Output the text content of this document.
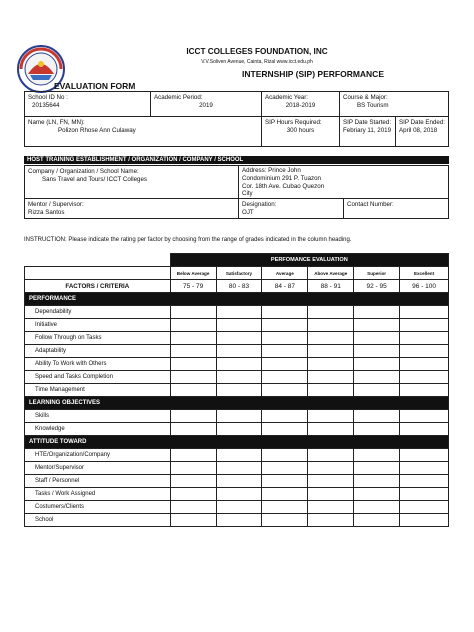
ICCT COLLEGES FOUNDATION, INC
V.V.Soliven Avenue, Cainta, Rizal www.icct.edu.ph
INTERNSHIP (SIP) PERFORMANCE
EVALUATION FORM
School ID No :
20135644
Academic Period:
2019
Academic Year:
2018-2019
Course & Major:
BS Tourism
Name (LN, FN, MN):
Polizon Rhose Ann Culaway
SIP Hours Required:
300 hours
SIP Date Started:
Febriary 11, 2019
SIP Date Ended:
April 08, 2018
HOST TRAINING ESTABLISHMENT / ORGANIZATION / COMPANY / SCHOOL
Company / Organization / School Name:
Sans Travel and Tours/ ICCT Colleges
Address: Prince John
Condominium 291 P. Tuazon
Cor. 18th Ave. Cubao Quezon
City
Mentor / Supervisor:
Rizza Santos
Designation:
OJT
Contact Number:
INSTRUCTION: Please indicate the rating per factor by choosing from the range of grades indicated in the column heading.
	PERFOMANCE EVALUATION					
	Below Average	Satisfactory	Average	Above Average	Superior	Excellent
FACTORS / CRITERIA	75 - 79	80 - 83	84 - 87	88 - 91	92 - 95	96 - 100
PERFORMANCE						
Dependability						
Initiative						
Follow Through on Tasks						
Adaptability						
Ability To Work with Others						
Speed and Tasks Completion						
Time Management						
LEARNING OBJECTIVES						
Skills						
Knowledge						
ATTITUDE TOWARD						
HTE/Organization/Company						
Mentor/Supervisor						
Staff / Personnel						
Tasks / Work Assigned						
Costumers/Clients						
School						
